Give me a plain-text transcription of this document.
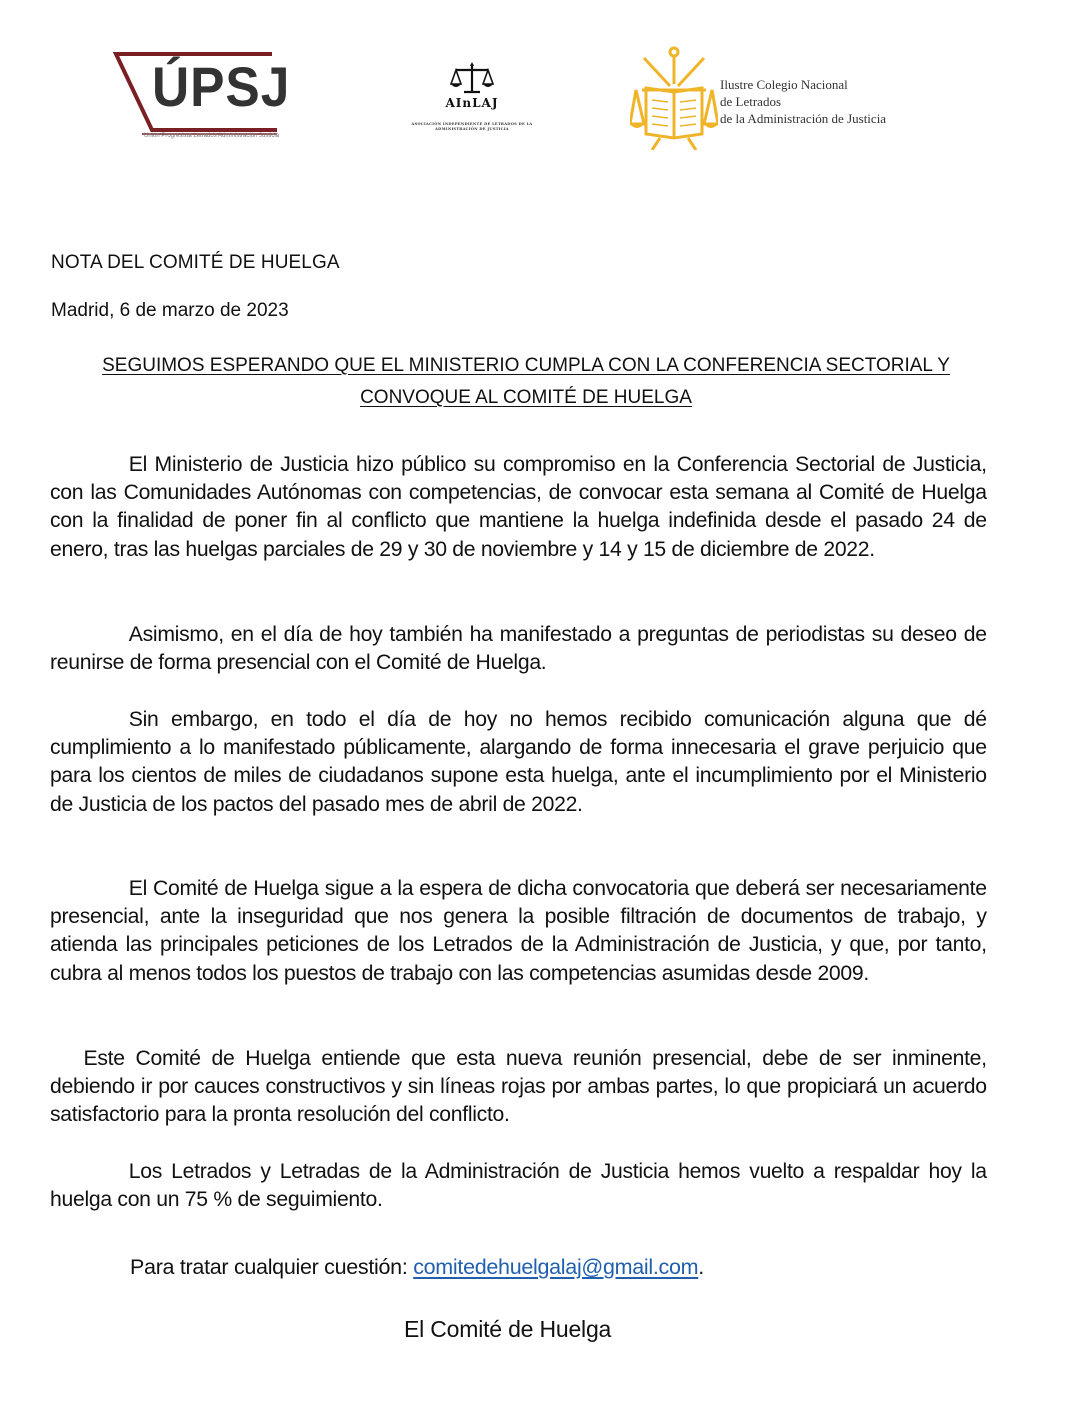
ÚPSJ
Unión Progresista Letrados Administración Justicia
AInLAJ
ASOCIACIÓN INDEPENDIENTE DE LETRADOS DE LA
ADMINISTRACIÓN DE JUSTICIA
Ilustre Colegio Nacional
de Letrados
de la Administración de Justicia
NOTA DEL COMITÉ DE HUELGA
Madrid, 6 de marzo de 2023
SEGUIMOS ESPERANDO QUE EL MINISTERIO CUMPLA CON LA CONFERENCIA SECTORIAL Y
CONVOQUE AL COMITÉ DE HUELGA

El Ministerio de Justicia hizo público su compromiso en la Conferencia Sectorial de Justicia, con las Comunidades Autónomas con competencias, de convocar esta semana al Comité de Huelga con la finalidad de poner fin al conflicto que mantiene la huelga indefinida desde el pasado 24 de enero, tras las huelgas parciales de 29 y 30 de noviembre y 14 y 15 de diciembre de 2022.

Asimismo, en el día de hoy también ha manifestado a preguntas de periodistas su deseo de reunirse de forma presencial con el Comité de Huelga.

Sin embargo, en todo el día de hoy no hemos recibido comunicación alguna que dé cumplimiento a lo manifestado públicamente, alargando de forma innecesaria el grave perjuicio que para los cientos de miles de ciudadanos supone esta huelga, ante el incumplimiento por el Ministerio de Justicia de los pactos del pasado mes de abril de 2022.

El Comité de Huelga sigue a la espera de dicha convocatoria que deberá ser necesariamente presencial, ante la inseguridad que nos genera la posible filtración de documentos de trabajo, y atienda las principales peticiones de los Letrados de la Administración de Justicia, y que, por tanto, cubra al menos todos los puestos de trabajo con las competencias asumidas desde 2009.

Este Comité de Huelga entiende que esta nueva reunión presencial, debe de ser inminente, debiendo ir por cauces constructivos y sin líneas rojas por ambas partes, lo que propiciará un acuerdo satisfactorio para la pronta resolución del conflicto.

Los Letrados y Letradas de la Administración de Justicia hemos vuelto a respaldar hoy la huelga con un 75 % de seguimiento.

Para tratar cualquier cuestión: comitedehuelgalaj@gmail.com.
El Comité de Huelga
